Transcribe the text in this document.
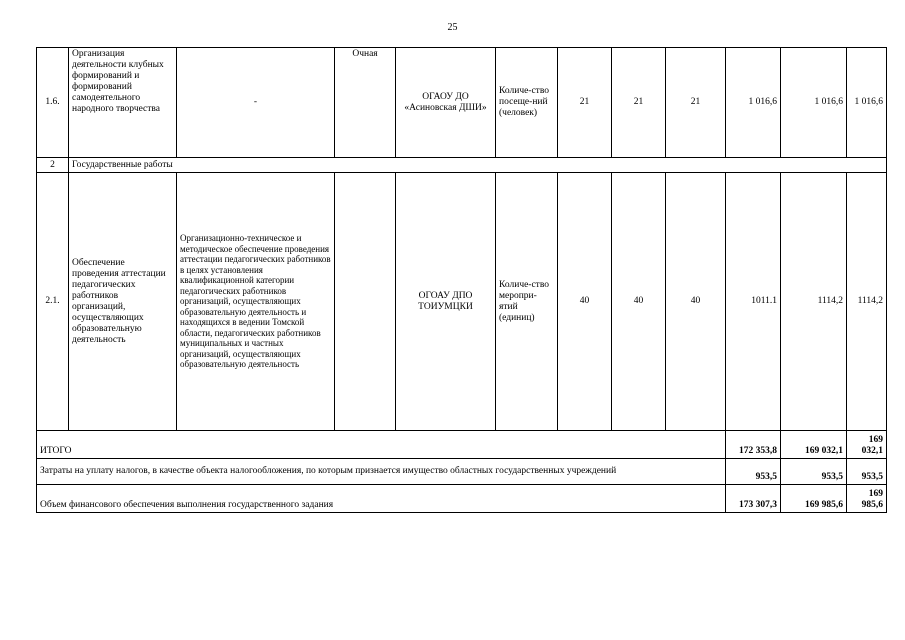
25
1.6.	Организация деятельности клубных формирований и формирований самодеятельного народного творчества	-	Очная	ОГАОУ ДО «Асиновская ДШИ»	Количе-ство посеще-ний (человек)	21	21	21	1 016,6	1 016,6	1 016,6
2	Государственные работы										
2.1.	Обеспечение проведения аттестации педагогических работников организаций, осуществляющих образовательную деятельность	Организационно-техническое и методическое обеспечение проведения аттестации педагогических работников в целях установления квалификационной категории педагогических работников организаций, осуществляющих образовательную деятельность и находящихся в ведении Томской области, педагогических работников муниципальных и частных организаций, осуществляющих образовательную деятельность		ОГОАУ ДПО ТОИУМЦКИ	Количе-ство меропри-ятий (единиц)	40	40	40	1011.1	1114,2	1114,2
ИТОГО									172 353,8	169 032,1	169 032,1
Затраты на уплату налогов, в качестве объекта налогообложения, по которым признается имущество областных государственных учреждений									953,5	953,5	953,5
Объем финансового обеспечения выполнения государственного задания									173 307,3	169 985,6	169 985,6
